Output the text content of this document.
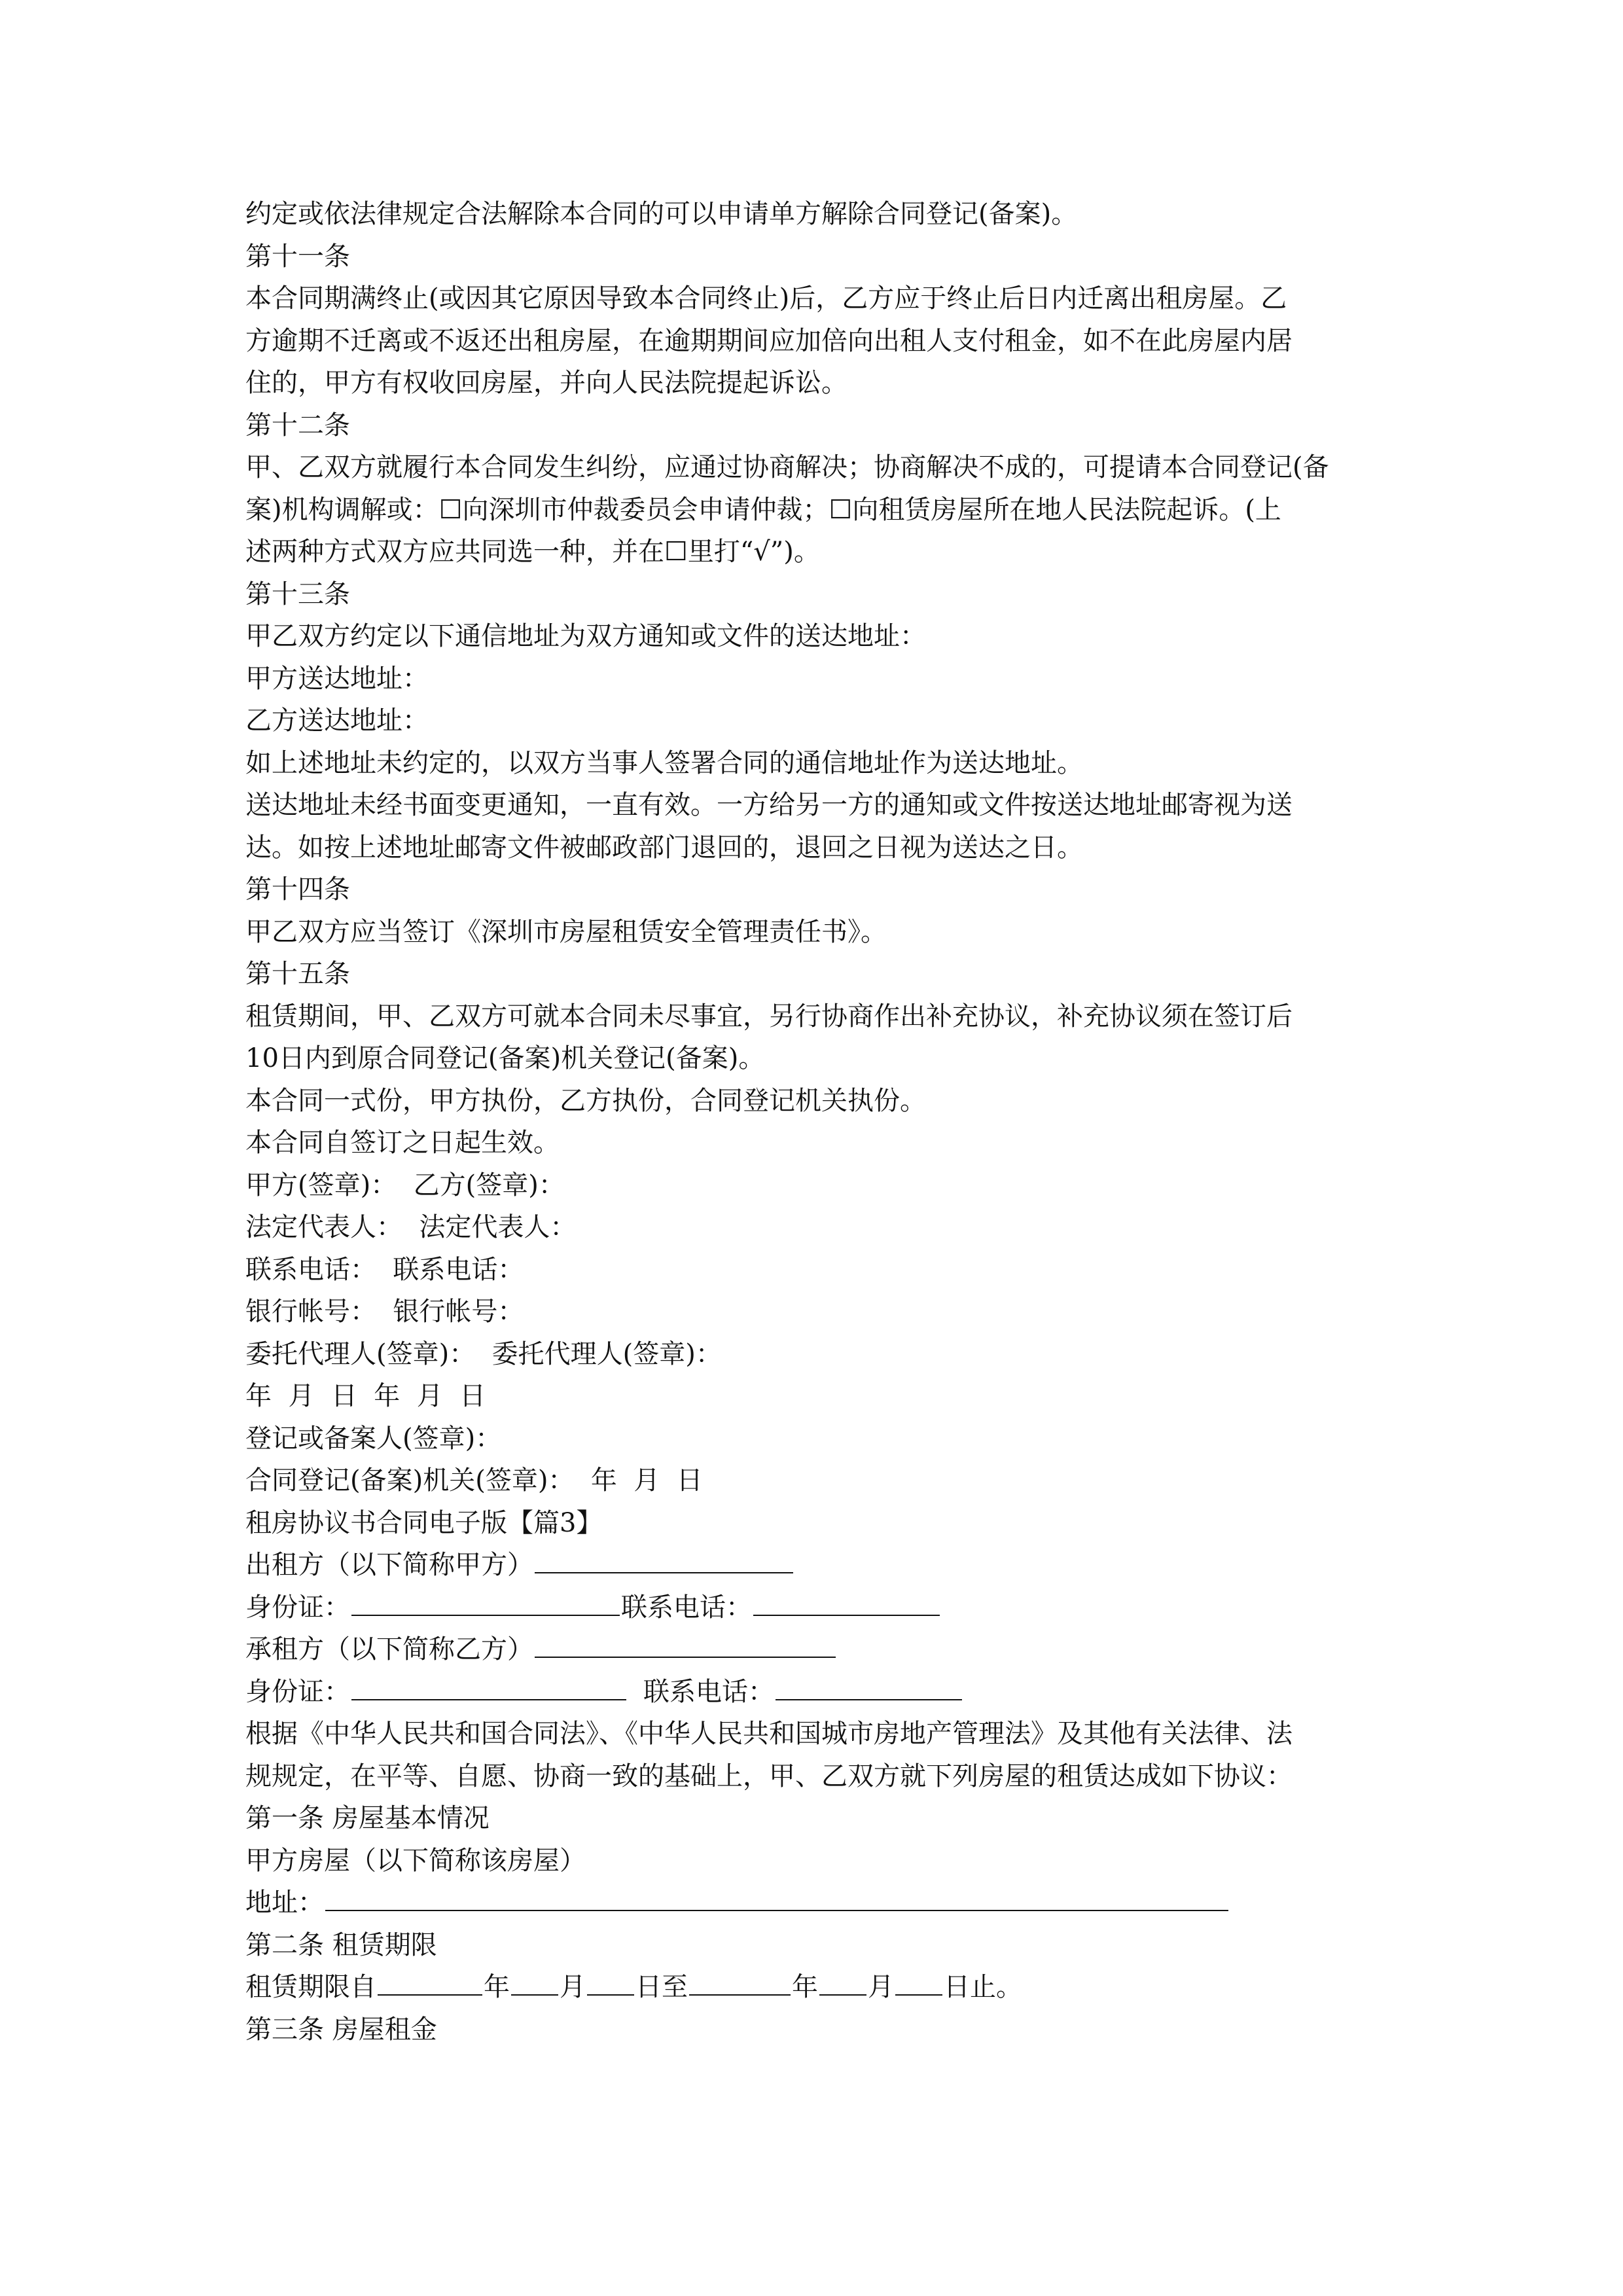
约定或依法律规定合法解除本合同的可以申请单方解除合同登记(备案)。
第十一条
本合同期满终止(或因其它原因导致本合同终止)后，乙方应于终止后日内迁离出租房屋。乙
方逾期不迁离或不返还出租房屋，在逾期期间应加倍向出租人支付租金，如不在此房屋内居
住的，甲方有权收回房屋，并向人民法院提起诉讼。
第十二条
甲、乙双方就履行本合同发生纠纷，应通过协商解决；协商解决不成的，可提请本合同登记(备
案)机构调解或：☐向深圳市仲裁委员会申请仲裁；☐向租赁房屋所在地人民法院起诉。(上
述两种方式双方应共同选一种，并在☐里打“√”)。
第十三条
甲乙双方约定以下通信地址为双方通知或文件的送达地址：
甲方送达地址：
乙方送达地址：
如上述地址未约定的，以双方当事人签署合同的通信地址作为送达地址。
送达地址未经书面变更通知，一直有效。一方给另一方的通知或文件按送达地址邮寄视为送
达。如按上述地址邮寄文件被邮政部门退回的，退回之日视为送达之日。
第十四条
甲乙双方应当签订《深圳市房屋租赁安全管理责任书》。
第十五条
租赁期间，甲、乙双方可就本合同未尽事宜，另行协商作出补充协议，补充协议须在签订后
10日内到原合同登记(备案)机关登记(备案)。
本合同一式份，甲方执份，乙方执份，合同登记机关执份。
本合同自签订之日起生效。
甲方(签章)：  乙方(签章)：
法定代表人：  法定代表人：
联系电话：  联系电话：
银行帐号：  银行帐号：
委托代理人(签章)：  委托代理人(签章)：
年  月  日  年  月  日
登记或备案人(签章)：
合同登记(备案)机关(签章)：  年  月  日
租房协议书合同电子版【篇3】
出租方（以下简称甲方）
身份证：	联系电话：
承租方（以下简称乙方）
身份证：	联系电话：
根据《中华人民共和国合同法》、《中华人民共和国城市房地产管理法》及其他有关法律、法
规规定，在平等、自愿、协商一致的基础上，甲、乙双方就下列房屋的租赁达成如下协议：
第一条 房屋基本情况
甲方房屋（以下简称该房屋）
地址：
第二条 租赁期限
租赁期限自	年 月 日至	年 月 日止。
第三条 房屋租金
